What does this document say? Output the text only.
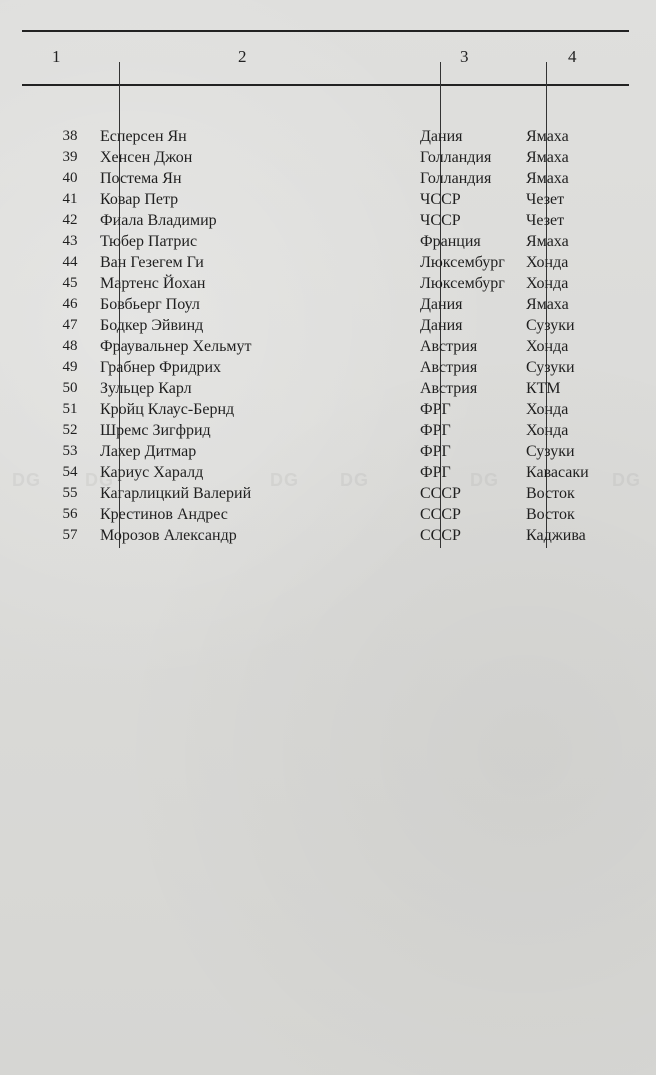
1	2	3	4
38	Есперсен Ян	Дания	Ямаха
39	Хенсен Джон	Голландия	Ямаха
40	Постема Ян	Голландия	Ямаха
41	Ковар Петр	ЧССР	Чезет
42	Фиала Владимир	ЧССР	Чезет
43	Тюбер Патрис	Франция	Ямаха
44	Ван Гезегем Ги	Люксембург	Хонда
45	Мартенс Йохан	Люксембург	Хонда
46	Бовбьерг Поул	Дания	Ямаха
47	Бодкер Эйвинд	Дания	Сузуки
48	Фраувальнер Хельмут	Австрия	Хонда
49	Грабнер Фридрих	Австрия	Сузуки
50	Зульцер Карл	Австрия	КТМ
51	Кройц Клаус-Бернд	ФРГ	Хонда
52	Шремс Зигфрид	ФРГ	Хонда
53	Лахер Дитмар	ФРГ	Сузуки
54	Кариус Харалд	ФРГ	Кавасаки
55	Кагарлицкий Валерий	СССР	Восток
56	Крестинов Андрес	СССР	Восток
57	Морозов Александр	СССР	Каджива
DG DG	DG DG	DG	DG
